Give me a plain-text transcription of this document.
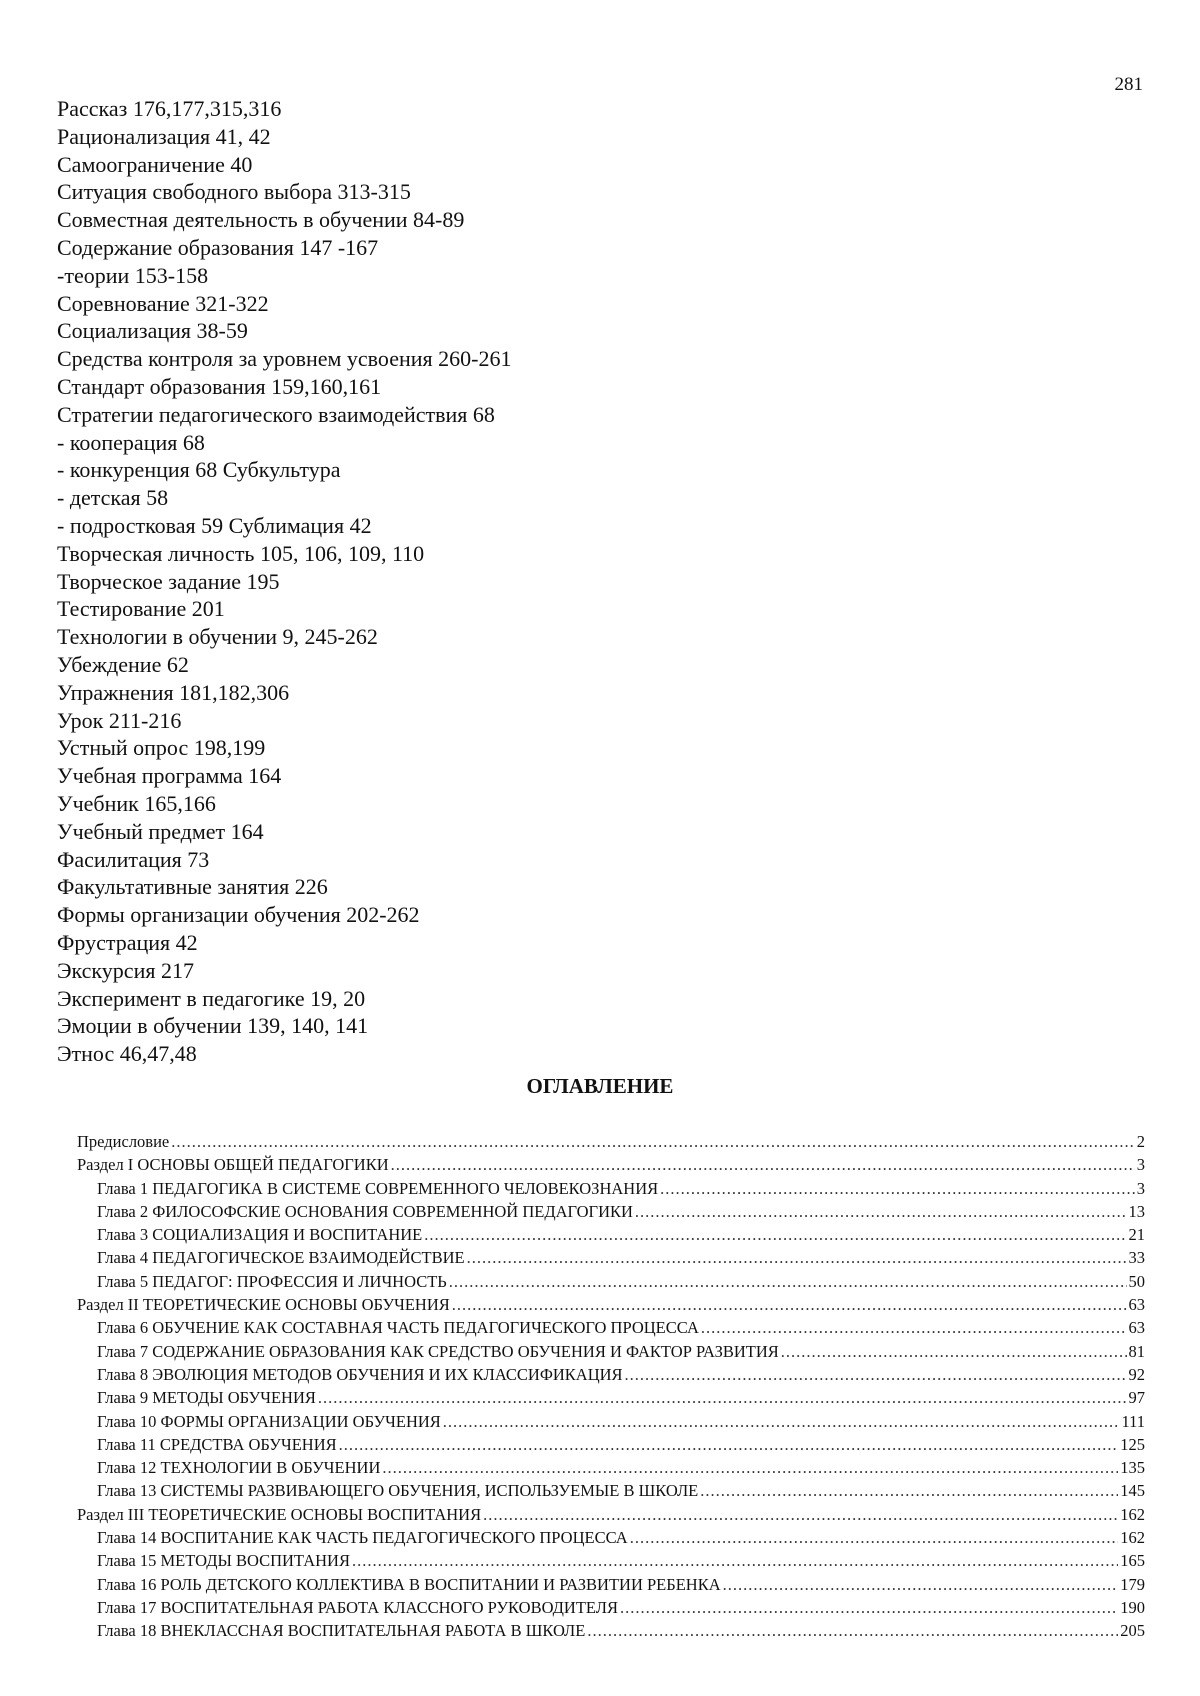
281
Рассказ 176,177,315,316
Рационализация 41, 42
Самоограничение 40
Ситуация свободного выбора 313-315
Совместная деятельность в обучении 84-89
Содержание образования 147 -167
-теории 153-158
Соревнование 321-322
Социализация 38-59
Средства контроля за уровнем усвоения 260-261
Стандарт образования 159,160,161
Стратегии педагогического взаимодействия 68
- кооперация 68
- конкуренция 68 Субкультура
- детская 58
- подростковая 59 Сублимация 42
Творческая личность 105, 106, 109, 110
Творческое задание 195
Тестирование 201
Технологии в обучении 9, 245-262
Убеждение 62
Упражнения 181,182,306
Урок 211-216
Устный опрос 198,199
Учебная программа 164
Учебник 165,166
Учебный предмет 164
Фасилитация 73
Факультативные занятия 226
Формы организации обучения 202-262
Фрустрация 42
Экскурсия 217
Эксперимент в педагогике 19, 20
Эмоции в обучении 139, 140, 141
Этнос 46,47,48
ОГЛАВЛЕНИЕ
Предисловие .....	2
Раздел I ОСНОВЫ ОБЩЕЙ ПЕДАГОГИКИ .....	3
Глава 1 ПЕДАГОГИКА В СИСТЕМЕ СОВРЕМЕННОГО ЧЕЛОВЕКОЗНАНИЯ .....	3
Глава 2 ФИЛОСОФСКИЕ ОСНОВАНИЯ СОВРЕМЕННОЙ ПЕДАГОГИКИ .....	13
Глава 3 СОЦИАЛИЗАЦИЯ И ВОСПИТАНИЕ .....	21
Глава 4 ПЕДАГОГИЧЕСКОЕ ВЗАИМОДЕЙСТВИЕ .....	33
Глава 5 ПЕДАГОГ: ПРОФЕССИЯ И ЛИЧНОСТЬ .....	50
Раздел II ТЕОРЕТИЧЕСКИЕ ОСНОВЫ ОБУЧЕНИЯ .....	63
Глава 6 ОБУЧЕНИЕ КАК СОСТАВНАЯ ЧАСТЬ ПЕДАГОГИЧЕСКОГО ПРОЦЕССА .....	63
Глава 7 СОДЕРЖАНИЕ ОБРАЗОВАНИЯ КАК СРЕДСТВО ОБУЧЕНИЯ И ФАКТОР РАЗВИТИЯ .....	81
Глава 8 ЭВОЛЮЦИЯ МЕТОДОВ ОБУЧЕНИЯ И ИХ КЛАССИФИКАЦИЯ .....	92
Глава 9 МЕТОДЫ ОБУЧЕНИЯ .....	97
Глава 10 ФОРМЫ ОРГАНИЗАЦИИ ОБУЧЕНИЯ .....	111
Глава 11 СРЕДСТВА ОБУЧЕНИЯ .....	125
Глава 12 ТЕХНОЛОГИИ В ОБУЧЕНИИ .....	135
Глава 13 СИСТЕМЫ РАЗВИВАЮЩЕГО ОБУЧЕНИЯ, ИСПОЛЬЗУЕМЫЕ В ШКОЛЕ .....	145
Раздел III ТЕОРЕТИЧЕСКИЕ ОСНОВЫ ВОСПИТАНИЯ .....	162
Глава 14 ВОСПИТАНИЕ КАК ЧАСТЬ ПЕДАГОГИЧЕСКОГО ПРОЦЕССА .....	162
Глава 15 МЕТОДЫ ВОСПИТАНИЯ .....	165
Глава 16 РОЛЬ ДЕТСКОГО КОЛЛЕКТИВА В ВОСПИТАНИИ И РАЗВИТИИ РЕБЕНКА .....	179
Глава 17 ВОСПИТАТЕЛЬНАЯ РАБОТА КЛАССНОГО РУКОВОДИТЕЛЯ .....	190
Глава 18 ВНЕКЛАССНАЯ ВОСПИТАТЕЛЬНАЯ РАБОТА В ШКОЛЕ .....	205
